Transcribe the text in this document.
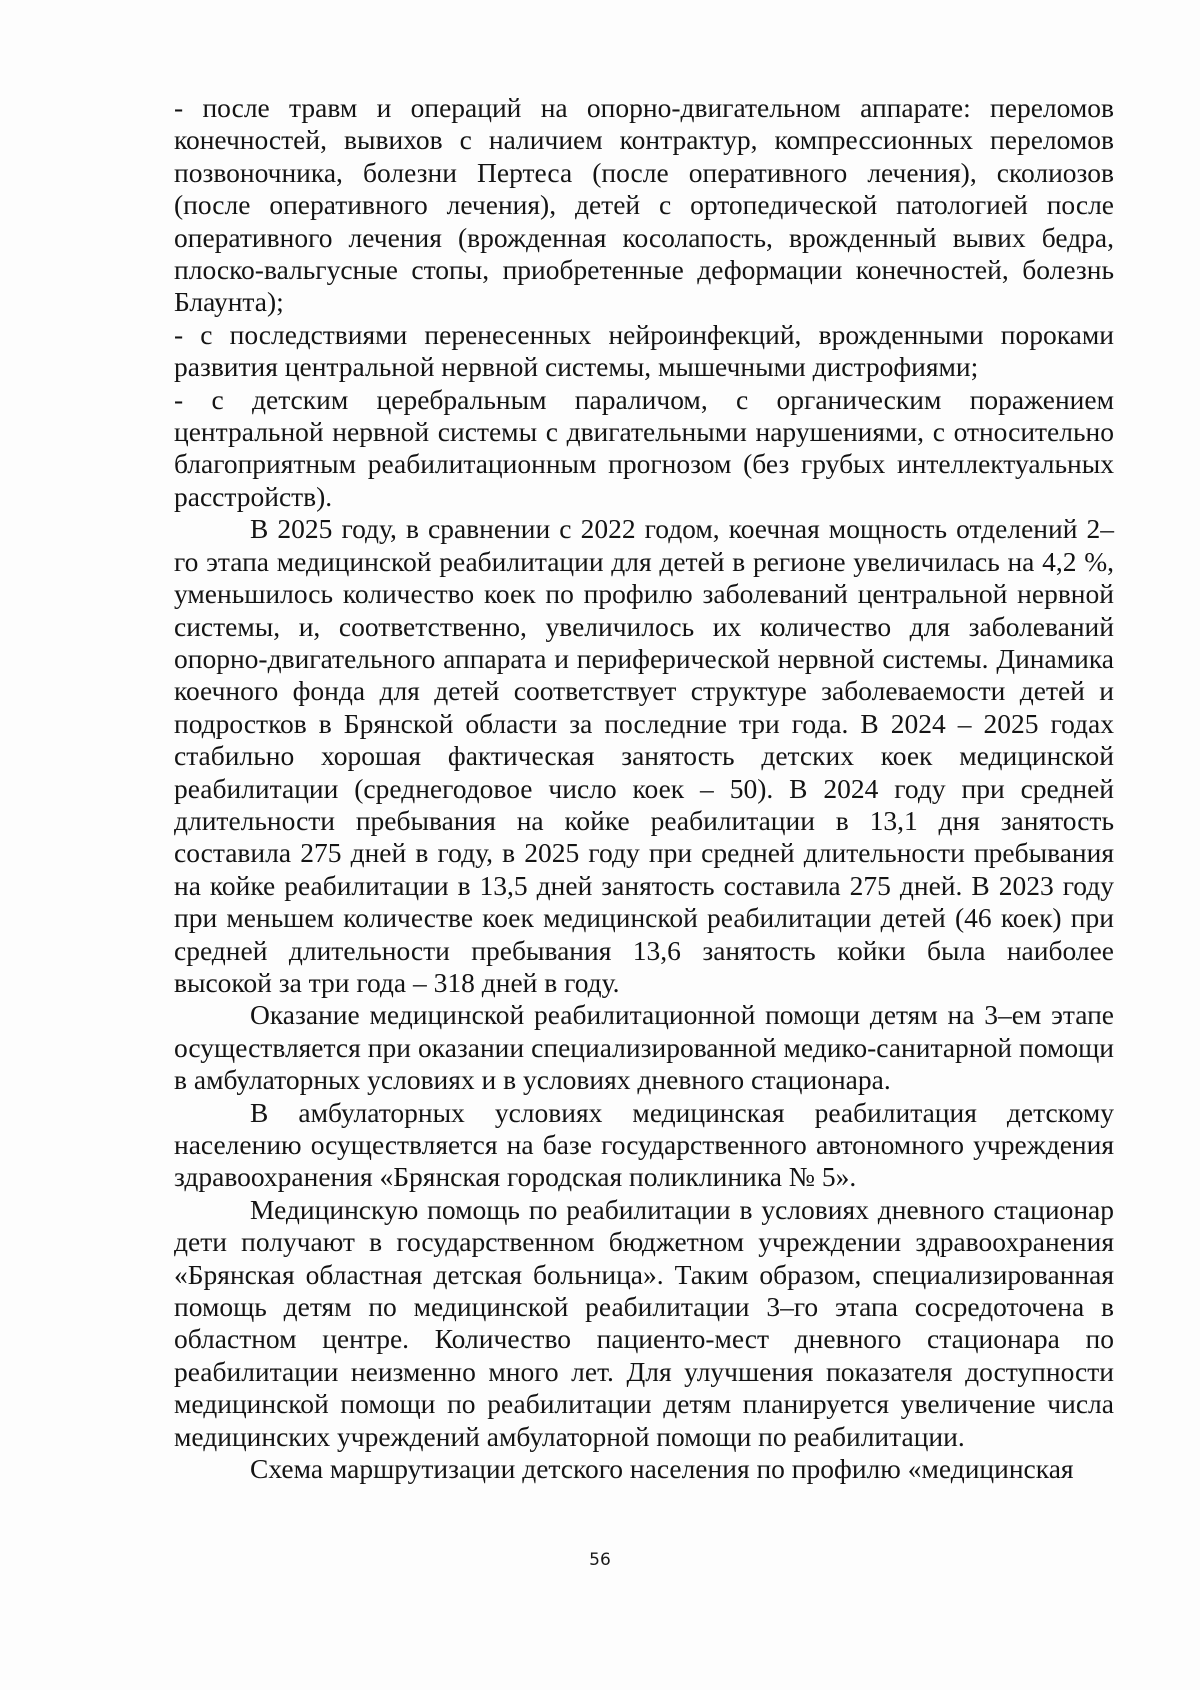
- после травм и операций на опорно-двигательном аппарате: переломов конечностей, вывихов с наличием контрактур, компрессионных переломов позвоночника, болезни Пертеса (после оперативного лечения), сколиозов (после оперативного лечения), детей с ортопедической патологией после оперативного лечения (врожденная косолапость, врожденный вывих бедра, плоско-вальгусные стопы, приобретенные деформации конечностей, болезнь Блаунта);

- с последствиями перенесенных нейроинфекций, врожденными пороками развития центральной нервной системы, мышечными дистрофиями;

- с детским церебральным параличом, с органическим поражением центральной нервной системы с двигательными нарушениями, с относительно благоприятным реабилитационным прогнозом (без грубых интеллектуальных расстройств).

В 2025 году, в сравнении с 2022 годом, коечная мощность отделений 2–го этапа медицинской реабилитации для детей в регионе увеличилась на 4,2 %, уменьшилось количество коек по профилю заболеваний центральной нервной системы, и, соответственно, увеличилось их количество для заболеваний опорно-двигательного аппарата и периферической нервной системы. Динамика коечного фонда для детей соответствует структуре заболеваемости детей и подростков в Брянской области за последние три года. В 2024 – 2025 годах стабильно хорошая фактическая занятость детских коек медицинской реабилитации (среднегодовое число коек – 50). В 2024 году при средней длительности пребывания на койке реабилитации в 13,1 дня занятость составила 275 дней в году, в 2025 году при средней длительности пребывания на койке реабилитации в 13,5 дней занятость составила 275 дней. В 2023 году при меньшем количестве коек медицинской реабилитации детей (46 коек) при средней длительности пребывания 13,6 занятость койки была наиболее высокой за три года – 318 дней в году.

Оказание медицинской реабилитационной помощи детям на 3–ем этапе осуществляется при оказании специализированной медико-санитарной помощи в амбулаторных условиях и в условиях дневного стационара.

В амбулаторных условиях медицинская реабилитация детскому населению осуществляется на базе государственного автономного учреждения здравоохранения «Брянская городская поликлиника № 5».

Медицинскую помощь по реабилитации в условиях дневного стационар дети получают в государственном бюджетном учреждении здравоохранения «Брянская областная детская больница». Таким образом, специализированная помощь детям по медицинской реабилитации 3–го этапа сосредоточена в областном центре. Количество пациенто-мест дневного стационара по реабилитации неизменно много лет. Для улучшения показателя доступности медицинской помощи по реабилитации детям планируется увеличение числа медицинских учреждений амбулаторной помощи по реабилитации.

Схема маршрутизации детского населения по профилю «медицинская

56
